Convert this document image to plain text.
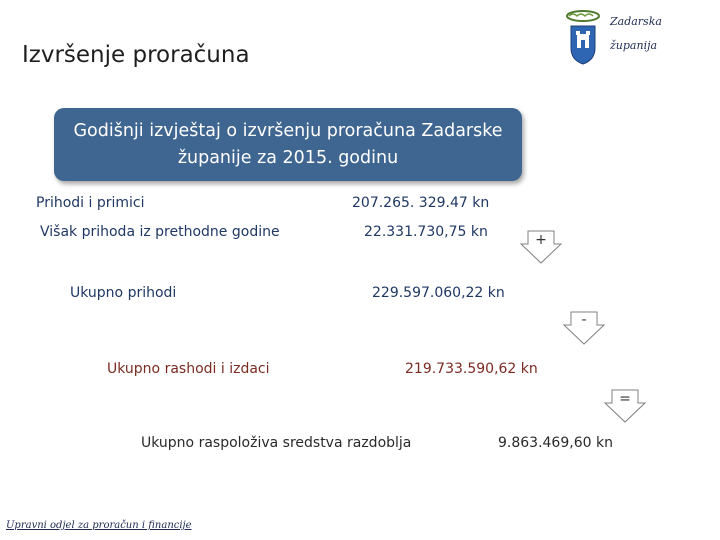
Izvršenje proračuna
Zadarska
županija
Godišnji izvještaj o izvršenju proračuna Zadarske
županije za 2015. godinu
Prihodi i primici	207.265. 329.47 kn
Višak prihoda iz prethodne godine	22.331.730,75 kn	+
Ukupno prihodi	229.597.060,22 kn
-
Ukupno rashodi i izdaci	219.733.590,62 kn
=
Ukupno raspoloživa sredstva razdoblja	9.863.469,60 kn
Upravni odjel za proračun i financije
